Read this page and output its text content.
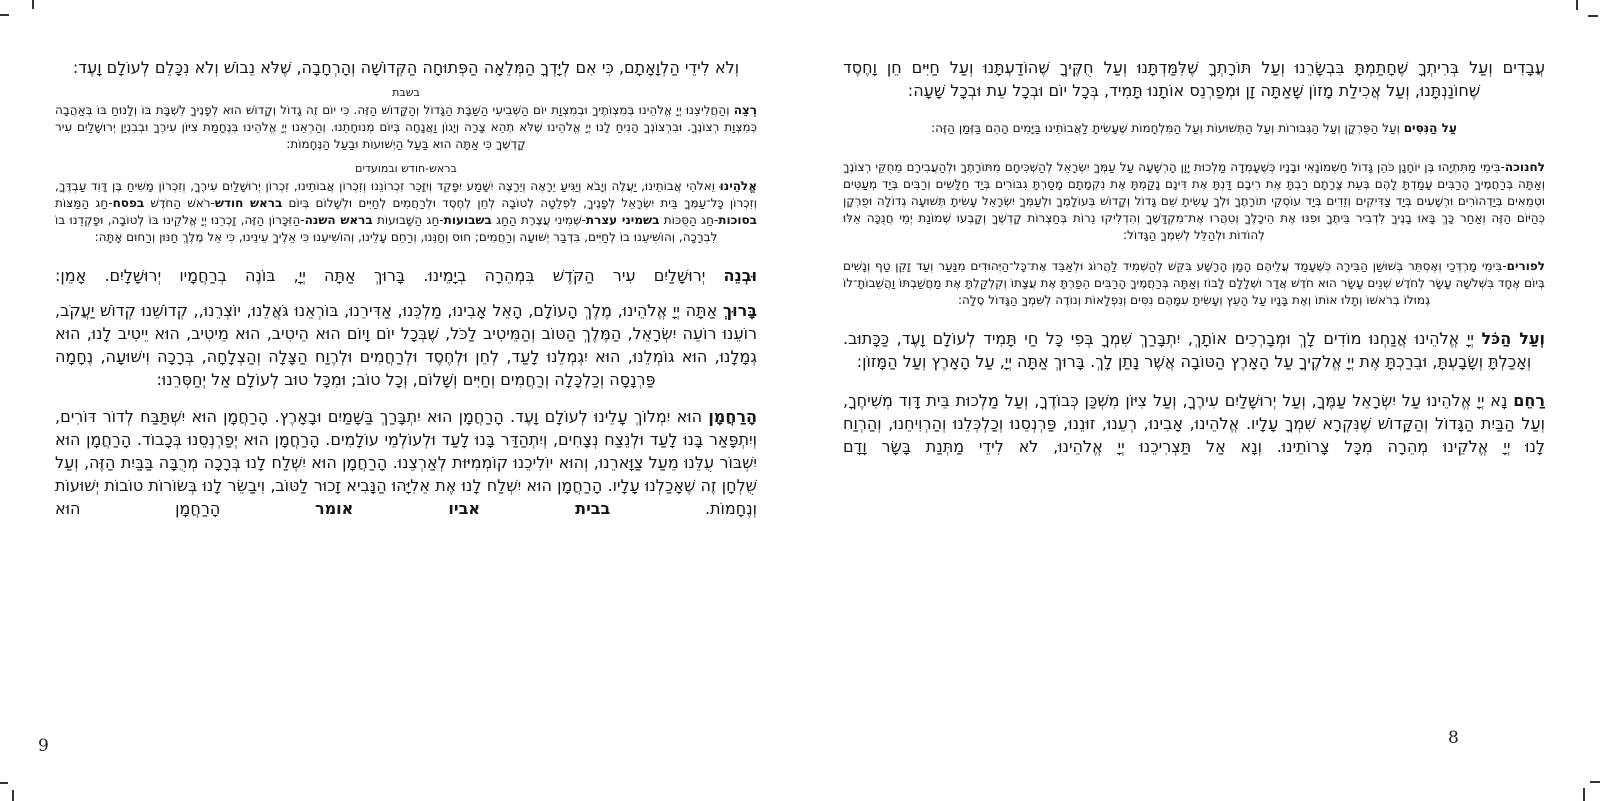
עֲבָדִים וְעַל בְּרִיתְךָ שֶׁחָתַמְתָּ בִּבְשָׂרֵנוּ וְעַל תּוֹרָתְךָ שֶׁלִּמַּדְתָּנוּ וְעַל חֻקֶּיךָ שֶׁהוֹדַעְתָּנוּ וְעַל חַיִּים חֵן וָחֶסֶד שֶׁחוֹנַנְתָּנוּ, וְעַל אֲכִילַת מָזוֹן שָׁאַתָּה זָן וּמְפַרְנֵס אוֹתָנוּ תָּמִיד, בְּכָל יוֹם וּבְכָל עֵת וּבְכָל שָׁעָה:
עַל הַנִּסִּים וְעַל הַפֻּרְקָן וְעַל הַגְּבוּרוֹת וְעַל הַתְּשׁוּעוֹת וְעַל הַמִּלְחָמוֹת שֶׁעָשִׂיתָ לַאֲבוֹתֵינוּ בַּיָּמִים הָהֵם בַּזְּמַן הַזֶּה:
לחנוכה-בִּימֵי מַתִּתְיָהוּ בֶּן יוֹחָנָן כֹּהֵן גָּדוֹל חַשְׁמוֹנָאִי וּבָנָיו כְּשֶׁעָמְדָה מַלְכוּת יָוָן הָרְשָׁעָה עַל עַמְּךָ יִשְׂרָאֵל לְהַשְׁכִּיחָם מִתּוֹרָתֶךָ וּלְהַעֲבִירָם מֵחֻקֵּי רְצוֹנֶךָ וְאַתָּה בְּרַחֲמֶיךָ הָרַבִּים עָמַדְתָּ לָהֶם בְּעֵת צָרָתָם רַבְתָּ אֶת רִיבָם דַּנְתָּ אֶת דִּינָם נָקַמְתָּ אֶת נִקְמָתָם מָסַרְתָּ גִבּוֹרִים בְּיַד חַלָּשִׁים וְרַבִּים בְּיַד מְעַטִּים וּטְמֵאִים בְּיַדְהוֹרִים וּרְשָׁעִים בְּיַד צַדִּיקִים וְזֵדִים בְּיַד עוֹסְקֵי תוֹרָתֶךָ וּלְךָ עָשִׂיתָ שֵׁם גָּדוֹל וְקָדוֹשׁ בְּעוֹלָמֶךָ וּלְעַמְּךָ יִשְׂרָאֵל עָשִׂיתָ תְּשׁוּעָה גְדוֹלָה וּפֻרְקָן כְּהַיּוֹם הַזֶּה וְאַחַר כָּךְ בָּאוּ בָנֶיךָ לִדְבִיר בֵּיתֶךָ וּפִנּוּ אֶת הֵיכָלֶךָ וְטִהֲרוּ אֶת־מִקְדָּשֶׁךָ וְהִדְלִיקוּ נֵרוֹת בְּחַצְרוֹת קָדְשֶׁךָ וְקָבְעוּ שְׁמוֹנַת יְמֵי חֲנֻכָּה אֵלּוּ לְהוֹדוֹת וּלְהַלֵּל לְשִׁמְךָ הַגָּדוֹל:
לפורים-בִּימֵי מָרְדְּכַי וְאֶסְתֵּר בְּשׁוּשַׁן הַבִּירָה כְּשֶׁעָמַד עֲלֵיהֶם הָמָן הָרָשָׁע בִּקֵּשׁ לְהַשְׁמִיד לַהֲרוֹג וּלְאַבֵּד אֶת־כָּל־הַיְּהוּדִים מִנַּעַר וְעַד זָקֵן טַף וְנָשִׁים בְּיוֹם אֶחָד בִּשְׁלשָׁה עָשָׂר לְחֹדֶשׁ שְׁנֵים עָשָׂר הוּא חֹדֶשׁ אֲדָר וּשְׁלָלָם לָבוֹז וְאַתָּה בְּרַחֲמֶיךָ הָרַבִּים הֵפַרְתָּ אֶת עֲצָתוֹ וְקִלְקַלְתָּ אֶת מַחֲשַׁבְתּוֹ וַהֲשֵׁבוֹתָ־לוֹ גְמוּלוֹ בְרֹאשׁוֹ וְתָלוּ אוֹתוֹ וְאֶת בָּנָיו עַל הָעֵץ וְעָשִׂיתָ עִמָּהֶם נִסִּים וְנִפְלָאוֹת וְנוֹדֶה לְשִׁמְךָ הַגָּדוֹל סֶלָה:
וְעַל הַכֹּל יְיָ אֱלֹהֵינוּ אֲנַחְנוּ מוֹדִים לָךְ וּמְבָרְכִים אוֹתָךְ, יִתְבָּרַךְ שִׁמְךָ בְּפִי כָּל חַי תָּמִיד לְעוֹלָם וָעֶד, כַּכָּתוּב. וְאָכַלְתָּ וְשָׂבָעְתָּ, וּבֵרַכְתָּ אֶת יְיָ אֱלֹקֶיךָ עַל הָאָרֶץ הַטּוֹבָה אֲשֶׁר נָתַן לָךְ. בָּרוּךְ אַתָּה יְיָ, עַל הָאָרֶץ וְעַל הַמָּזוֹן:
רַחֵם נָא יְיָ אֱלֹהֵינוּ עַל יִשְׂרָאֵל עַמֶּךָ, וְעַל יְרוּשָׁלַיִם עִירֶךָ, וְעַל צִיּוֹן מִשְׁכַּן כְּבוֹדֶךָ, וְעַל מַלְכוּת בֵּית דָּוִד מְשִׁיחֶךָ, וְעַל הַבַּיִת הַגָּדוֹל וְהַקָּדוֹשׁ שֶׁנִּקְרָא שִׁמְךָ עָלָיו. אֱלֹהֵינוּ, אָבִינוּ, רְעֵנוּ, זוּנֵנוּ, פַּרְנְסֵנוּ וְכַלְכְּלֵנוּ וְהַרְוִיחֵנוּ, וְהַרְוַח לָנוּ יְיָ אֱלֹקֵינוּ מְהֵרָה מִכָּל צָרוֹתֵינוּ. וְנָא אַל תַּצְרִיכֵנוּ יְיָ אֱלֹהֵינוּ, לֹא לִידֵי מַתְּנַת בָּשָׂר וָדָם
וְלֹא לִידֵי הַלְוָאָתָם, כִּי אִם לְיָדְךָ הַמְּלֵאָה הַפְּתוּחָה הַקְּדוֹשָׁה וְהָרְחָבָה, שֶׁלֹּא נֵבוֹשׁ וְלֹא נִכָּלֵם לְעוֹלָם וָעֶד:
בשבת
רְצֵה וְהַחֲלִיצֵנוּ יְיָ אֱלֹהֵינוּ בְּמִצְוֹתֶיךָ וּבְמִצְוַת יוֹם הַשְּׁבִיעִי הַשַּׁבָּת הַגָּדוֹל וְהַקָּדוֹשׁ הַזֶּה. כִּי יוֹם זֶה גָדוֹל וְקָדוֹשׁ הוּא לְפָנֶיךָ לִשְׁבָּת בּוֹ וְלָנוּחַ בּוֹ בְּאַהֲבָה כְּמִצְוַת רְצוֹנֶךָ. וּבִרְצוֹנְךָ הָנִיחַ לָנוּ יְיָ אֱלֹהֵינוּ שֶׁלֹּא תְהֵא צָרָה וְיָגוֹן וַאֲנָחָה בְּיוֹם מְנוּחָתֵנוּ. וְהַרְאֵנוּ יְיָ אֱלֹהֵינוּ בְּנֶחָמַת צִיּוֹן עִירֶךָ וּבְבִנְיַן יְרוּשָׁלַיִם עִיר קָדְשֶׁךָ כִּי אַתָּה הוּא בַּעַל הַיְשׁוּעוֹת וּבַעַל הַנֶּחָמוֹת:
בראש-חודש ובמועדים
אֱלֹהֵינוּ וֵאלֹהֵי אֲבוֹתֵינוּ, יַעֲלֶה וְיָבֹא וְיַגִּיעַ יֵרָאֶה וְיֵרָצֶה יִשָּׁמַע יִפָּקֵד וְיִזָּכֵר זִכְרוֹנֵנוּ וְזִכְרוֹן אֲבוֹתֵינוּ, זִכְרוֹן יְרוּשָׁלַיִם עִירֶךָ, וְזִכְרוֹן מָשִׁיחַ בֶּן דָּוִד עַבְדֶּךָ, וְזִכְרוֹן כָּל־עַמְּךָ בֵּית יִשְׂרָאֵל לְפָנֶיךָ, לִפְלֵטָה לְטוֹבָה לְחֵן לְחֶסֶד וּלְרַחֲמִים לְחַיִּים וּלְשָׁלוֹם בְּיוֹם בראש חודש-רֹאשׁ הַחֹדֶשׁ בפסח-חַג הַמַּצּוֹת בסוכות-חַג הַסֻּכּוֹת בשמיני עצרת-שְׁמִינִי עֲצֶרֶת הַחַג בשבועות-חַג הַשָּׁבוּעוֹת בראש השנה-הַזִּכָּרוֹן הַזֶּה, זָכְרֵנוּ יְיָ אֱלֹקֵינוּ בּוֹ לְטוֹבָה, וּפָקְדֵנוּ בוֹ לִבְרָכָה, וְהוֹשִׁיעֵנוּ בוֹ לְחַיִּים, בִּדְבַר יְשׁוּעָה וְרַחֲמִים; חוּס וְחָנֵּנוּ, וְרַחֵם עָלֵינוּ, וְהוֹשִׁיעֵנוּ כִּי אֵלֶיךָ עֵינֵינוּ, כִּי אֵל מֶלֶךְ חַנּוּן וְרַחוּם אָתָּה:
וּבְנֵה יְרוּשָׁלַיִם עִיר הַקֹּדֶשׁ בִּמְהֵרָה בְיָמֵינוּ. בָּרוּךְ אַתָּה יְיָ, בּוֹנֶה בְרַחֲמָיו יְרוּשָׁלָיִם. אָמֵן:
בָּרוּךְ אַתָּה יְיָ אֱלֹהֵינוּ, מֶלֶךְ הָעוֹלָם, הָאֵל אָבִינוּ, מַלְכֵּנוּ, אַדִּירֵנוּ, בּוֹרְאֵנוּ גֹּאֲלֵנוּ, יוֹצְרֵנוּ,, קְדוֹשֵׁנוּ קְדוֹשׁ יַעֲקֹב, רוֹעֵנוּ רוֹעֵה יִשְׂרָאֵל, הַמֶּלֶךְ הַטּוֹב וְהַמֵּיטִיב לַכֹּל, שֶׁבְּכָל יוֹם וָיוֹם הוּא הֵיטִיב, הוּא מֵיטִיב, הוּא יֵיטִיב לָנוּ, הוּא גְמָלָנוּ, הוּא גוֹמְלֵנוּ, הוּא יִגְמְלֵנוּ לָעַד, לְחֵן וּלְחֶסֶד וּלְרַחֲמִים וּלְרֶוַח הַצָּלָה וְהַצְלָחָה, בְּרָכָה וִישׁוּעָה, נֶחָמָה פַּרְנָסָה וְכַלְכָּלָה וְרַחֲמִים וְחַיִּים וְשָׁלוֹם, וְכָל טוֹב; וּמִכָּל טוּב לְעוֹלָם אַל יְחַסְּרֵנוּ:
הָרַחֲמָן הוּא יִמְלוֹךְ עָלֵינוּ לְעוֹלָם וָעֶד. הָרַחֲמָן הוּא יִתְבָּרַךְ בַּשָּׁמַיִם וּבָאָרֶץ. הָרַחֲמָן הוּא יִשְׁתַּבַּח לְדוֹר דּוֹרִים, וְיִתְפָּאַר בָּנוּ לָעַד וּלְנֵצַח נְצָחִים, וְיִתְהַדַּר בָּנוּ לָעַד וּלְעוֹלְמֵי עוֹלָמִים. הָרַחֲמָן הוּא יְפַרְנְסֵנוּ בְּכָבוֹד. הָרַחֲמָן הוּא יִשְׁבּוֹר עֻלֵּנוּ מֵעַל צַוָּארֵנוּ, וְהוּא יוֹלִיכֵנוּ קוֹמְמִיּוּת לְאַרְצֵנוּ. הָרַחֲמָן הוּא יִשְׁלַח לָנוּ בְּרָכָה מְרֻבָּה בַּבַּיִת הַזֶּה, וְעַל שֻׁלְחָן זֶה שֶׁאָכַלְנוּ עָלָיו. הָרַחֲמָן הוּא יִשְׁלַח לָנוּ אֶת אֵלִיָּהוּ הַנָּבִיא זָכוּר לַטּוֹב, וִיבַשֵּׂר לָנוּ בְּשׂוֹרוֹת טוֹבוֹת יְשׁוּעוֹת וְנֶחָמוֹת. בבית אביו אומר הָרַחֲמָן הוּא
9	8
